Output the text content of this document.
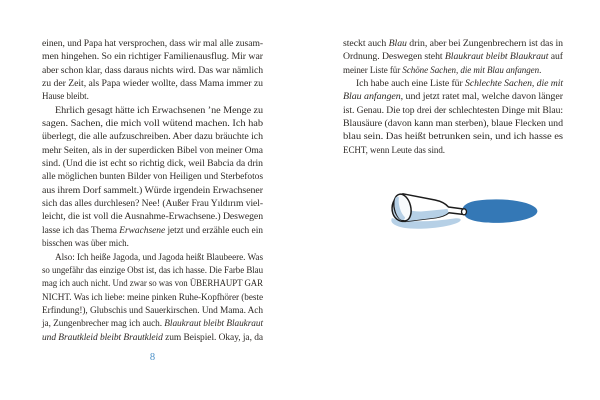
einen, und Papa hat versprochen, dass wir mal alle zusam-
men hingehen. So ein richtiger Familienausflug. Mir war
aber schon klar, dass daraus nichts wird. Das war nämlich
zu der Zeit, als Papa wieder wollte, dass Mama immer zu
Hause bleibt.
Ehrlich gesagt hätte ich Erwachsenen ’ne Menge zu
sagen. Sachen, die mich voll wütend machen. Ich hab
überlegt, die alle aufzuschreiben. Aber dazu bräuchte ich
mehr Seiten, als in der superdicken Bibel von meiner Oma
sind. (Und die ist echt so richtig dick, weil Babcia da drin
alle möglichen bunten Bilder von Heiligen und Sterbefotos
aus ihrem Dorf sammelt.) Würde irgendein Erwachsener
sich das alles durchlesen? Nee! (Außer Frau Yıldırım viel-
leicht, die ist voll die Ausnahme-Erwachsene.) Deswegen
lasse ich das Thema Erwachsene jetzt und erzähle euch ein
bisschen was über mich.
Also: Ich heiße Jagoda, und Jagoda heißt Blaubeere. Was
so ungefähr das einzige Obst ist, das ich hasse. Die Farbe Blau
mag ich auch nicht. Und zwar so was von ÜBERHAUPT GAR
NICHT. Was ich liebe: meine pinken Ruhe-Kopfhörer (beste
Erfindung!), Glubschis und Sauerkirschen. Und Mama. Ach
ja, Zungenbrecher mag ich auch. Blaukraut bleibt Blaukraut
und Brautkleid bleibt Brautkleid zum Beispiel. Okay, ja, da
steckt auch Blau drin, aber bei Zungenbrechern ist das in
Ordnung. Deswegen steht Blaukraut bleibt Blaukraut auf
meiner Liste für Schöne Sachen, die mit Blau anfangen.
Ich habe auch eine Liste für Schlechte Sachen, die mit
Blau anfangen, und jetzt ratet mal, welche davon länger
ist. Genau. Die top drei der schlechtesten Dinge mit Blau:
Blausäure (davon kann man sterben), blaue Flecken und
blau sein. Das heißt betrunken sein, und ich hasse es
ECHT, wenn Leute das sind.
8
